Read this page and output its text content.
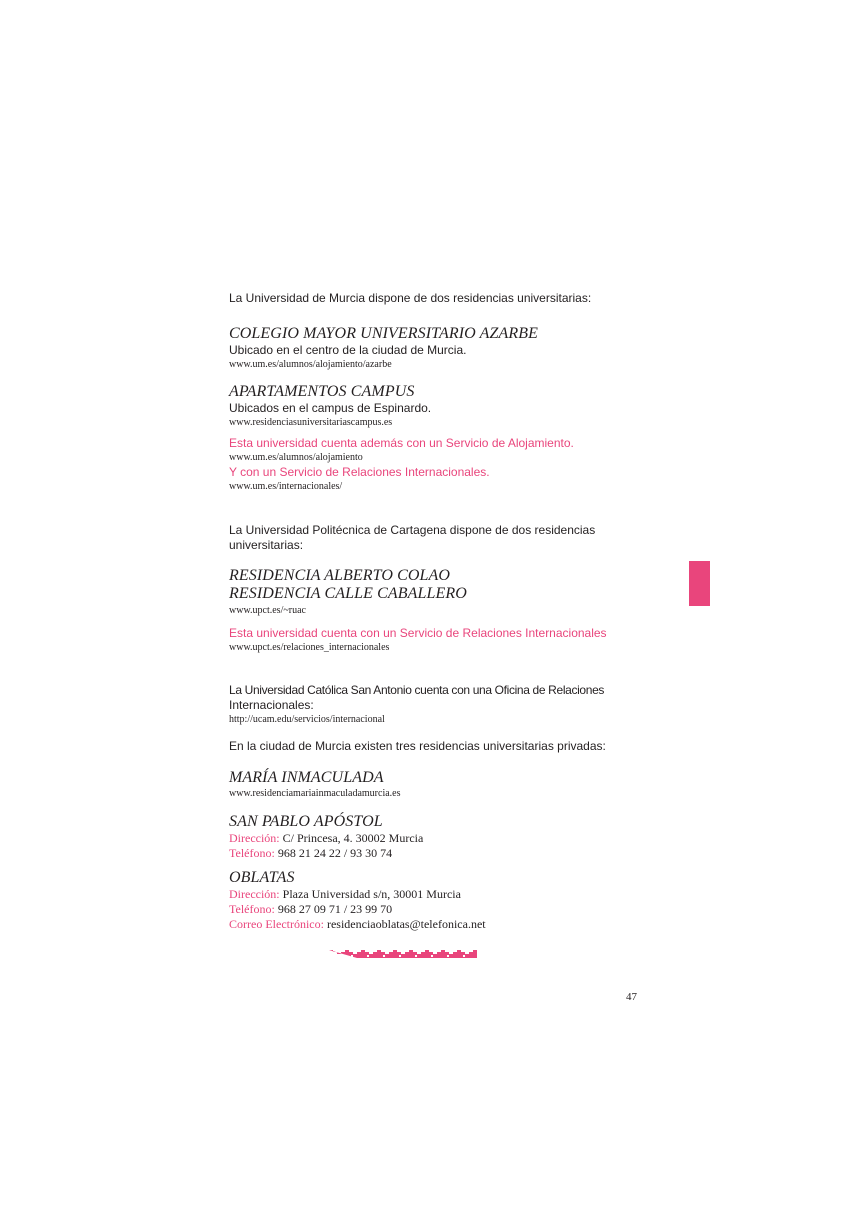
La Universidad de Murcia dispone de dos residencias universitarias:
COLEGIO MAYOR UNIVERSITARIO AZARBE
Ubicado en el centro de la ciudad de Murcia.
www.um.es/alumnos/alojamiento/azarbe
APARTAMENTOS CAMPUS
Ubicados en el campus de Espinardo.
www.residenciasuniversitariascampus.es
Esta universidad cuenta además con un Servicio de Alojamiento.
www.um.es/alumnos/alojamiento
Y con un Servicio de Relaciones Internacionales.
www.um.es/internacionales/
La Universidad Politécnica de Cartagena dispone de dos residencias
universitarias:
RESIDENCIA ALBERTO COLAO
RESIDENCIA CALLE CABALLERO
www.upct.es/~ruac
Esta universidad cuenta con un Servicio de Relaciones Internacionales
www.upct.es/relaciones_internacionales
La Universidad Católica San Antonio cuenta con una Oficina de Relaciones
Internacionales:
http://ucam.edu/servicios/internacional
En la ciudad de Murcia existen tres residencias universitarias privadas:
MARÍA INMACULADA
www.residenciamariainmaculadamurcia.es
SAN PABLO APÓSTOL
Dirección: C/ Princesa, 4. 30002 Murcia
Teléfono: 968 21 24 22 / 93 30 74
OBLATAS
Dirección: Plaza Universidad s/n, 30001 Murcia
Teléfono: 968 27 09 71 / 23 99 70
Correo Electrónico: residenciaoblatas@telefonica.net
47
